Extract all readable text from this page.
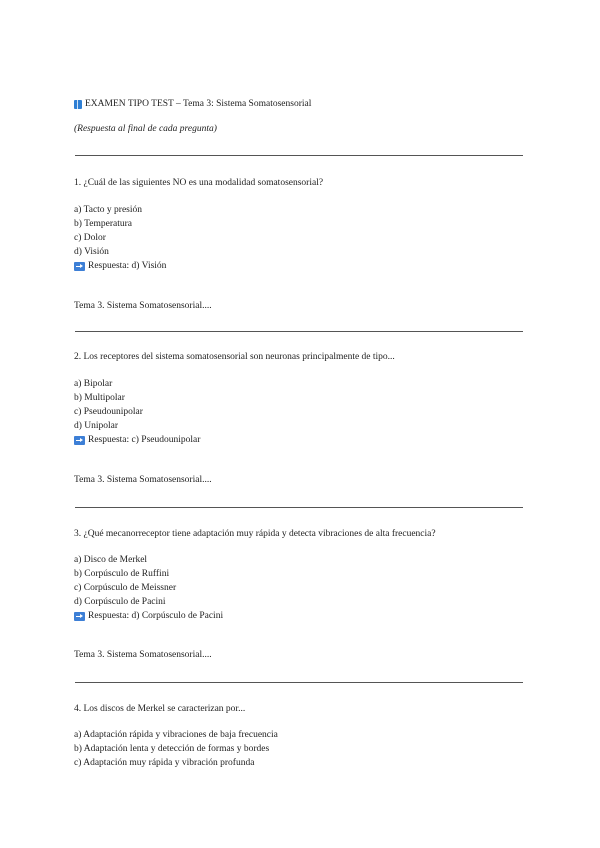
EXAMEN TIPO TEST – Tema 3: Sistema Somatosensorial
(Respuesta al final de cada pregunta)
1. ¿Cuál de las siguientes NO es una modalidad somatosensorial?
a) Tacto y presión
b) Temperatura
c) Dolor
d) Visión
Respuesta: d) Visión
Tema 3. Sistema Somatosensorial....
2. Los receptores del sistema somatosensorial son neuronas principalmente de tipo...
a) Bipolar
b) Multipolar
c) Pseudounipolar
d) Unipolar
Respuesta: c) Pseudounipolar
Tema 3. Sistema Somatosensorial....
3. ¿Qué mecanorreceptor tiene adaptación muy rápida y detecta vibraciones de alta frecuencia?
a) Disco de Merkel
b) Corpúsculo de Ruffini
c) Corpúsculo de Meissner
d) Corpúsculo de Pacini
Respuesta: d) Corpúsculo de Pacini
Tema 3. Sistema Somatosensorial....
4. Los discos de Merkel se caracterizan por...
a) Adaptación rápida y vibraciones de baja frecuencia
b) Adaptación lenta y detección de formas y bordes
c) Adaptación muy rápida y vibración profunda
